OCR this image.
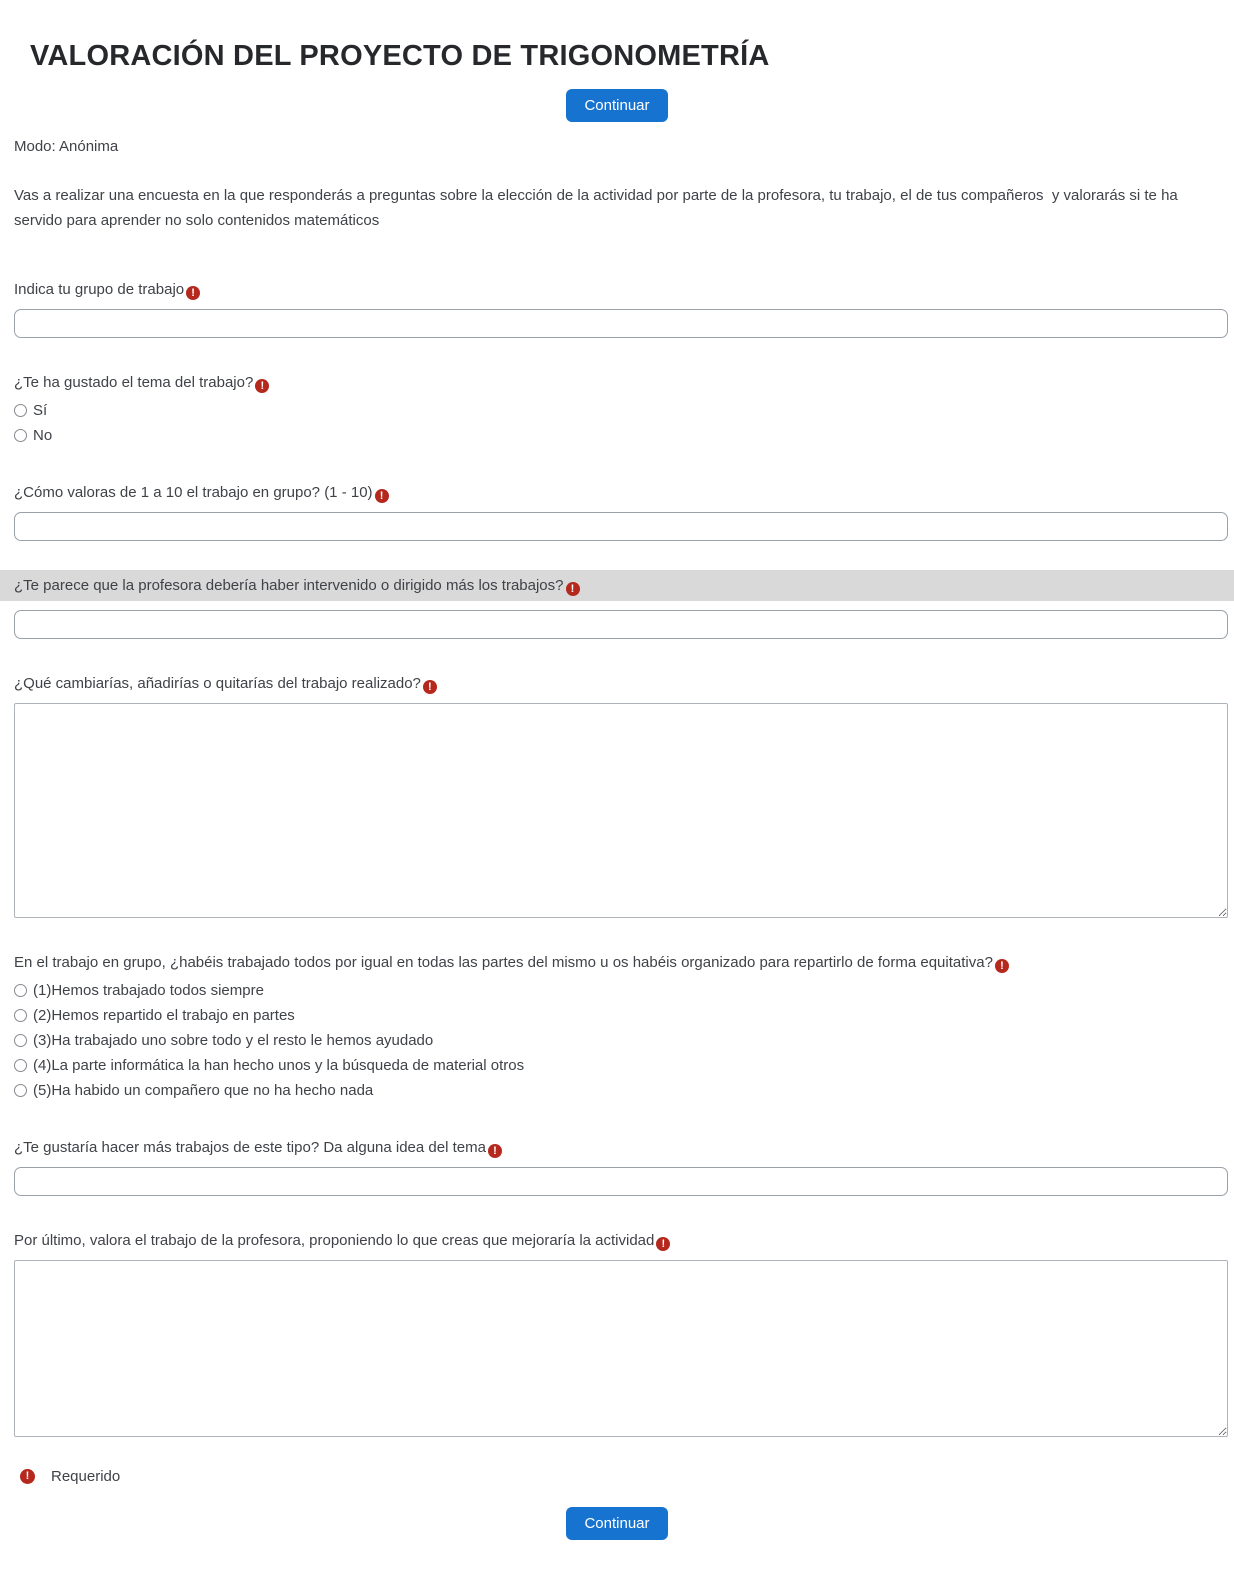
VALORACIÓN DEL PROYECTO DE TRIGONOMETRÍA
Continuar
Modo: Anónima

Vas a realizar una encuesta en la que responderás a preguntas sobre la elección de la actividad por parte de la profesora, tu trabajo, el de tus compañeros  y valorarás si te ha servido para aprender no solo contenidos matemáticos

Indica tu grupo de trabajo !
¿Te ha gustado el tema del trabajo? !
Sí
No
¿Cómo valoras de 1 a 10 el trabajo en grupo? (1 - 10) !
¿Te parece que la profesora debería haber intervenido o dirigido más los trabajos? !
¿Qué cambiarías, añadirías o quitarías del trabajo realizado? !
En el trabajo en grupo, ¿habéis trabajado todos por igual en todas las partes del mismo u os habéis organizado para repartirlo de forma equitativa? !
(1)Hemos trabajado todos siempre
(2)Hemos repartido el trabajo en partes
(3)Ha trabajado uno sobre todo y el resto le hemos ayudado
(4)La parte informática la han hecho unos y la búsqueda de material otros
(5)Ha habido un compañero que no ha hecho nada
¿Te gustaría hacer más trabajos de este tipo? Da alguna idea del tema !
Por último, valora el trabajo de la profesora, proponiendo lo que creas que mejoraría la actividad !
!	Requerido
Continuar
